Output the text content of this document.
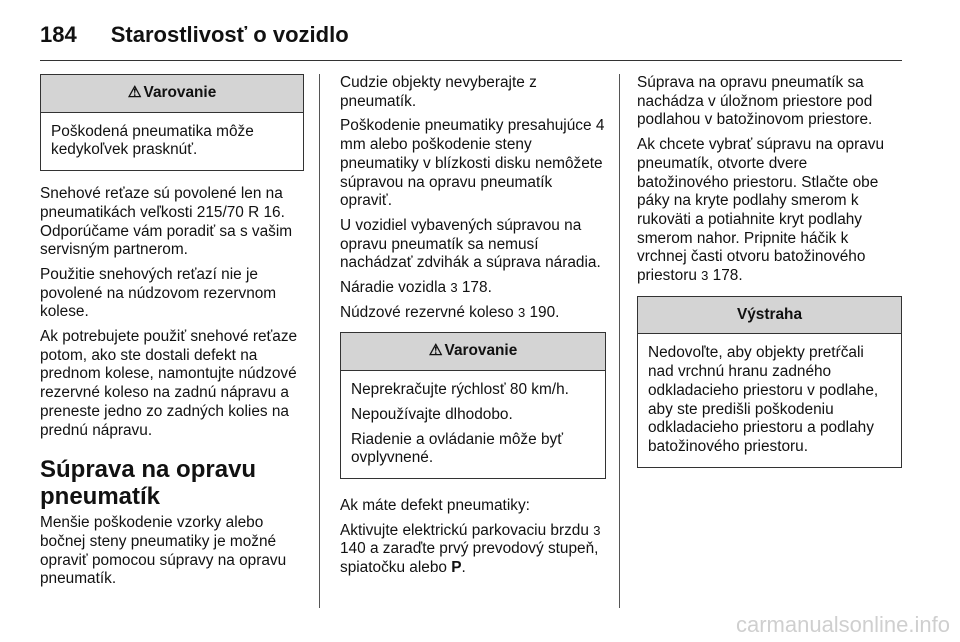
184 Starostlivosť o vozidlo
⚠ Varovanie

Poškodená pneumatika môže kedykoľvek prasknúť.

Snehové reťaze sú povolené len na pneumatikách veľkosti 215/70 R 16. Odporúčame vám poradiť sa s vašim servisným partnerom.

Použitie snehových reťazí nie je povolené na núdzovom rezervnom kolese.

Ak potrebujete použiť snehové reťaze potom, ako ste dostali defekt na prednom kolese, namontujte núdzové rezervné koleso na zadnú nápravu a preneste jedno zo zadných kolies na prednú nápravu.

Súprava na opravu pneumatík

Menšie poškodenie vzorky alebo bočnej steny pneumatiky je možné opraviť pomocou súpravy na opravu pneumatík.

Cudzie objekty nevyberajte z pneumatík.

Poškodenie pneumatiky presahujúce 4 mm alebo poškodenie steny pneumatiky v blízkosti disku nemôžete súpravou na opravu pneumatík opraviť.

U vozidiel vybavených súpravou na opravu pneumatík sa nemusí nachádzať zdvihák a súprava náradia.

Náradie vozidla 3 178.

Núdzové rezervné koleso 3 190.

⚠ Varovanie

Neprekračujte rýchlosť 80 km/h.

Nepoužívajte dlhodobo.

Riadenie a ovládanie môže byť ovplyvnené.

Ak máte defekt pneumatiky:

Aktivujte elektrickú parkovaciu brzdu 3 140 a zaraďte prvý prevodový stupeň, spiatočku alebo P.

Súprava na opravu pneumatík sa nachádza v úložnom priestore pod podlahou v batožinovom priestore.

Ak chcete vybrať súpravu na opravu pneumatík, otvorte dvere batožinového priestoru. Stlačte obe páky na kryte podlahy smerom k rukoväti a potiahnite kryt podlahy smerom nahor. Pripnite háčik k vrchnej časti otvoru batožinového priestoru 3 178.

Výstraha

Nedovoľte, aby objekty pretŕčali nad vrchnú hranu zadného odkladacieho priestoru v podlahe, aby ste predišli poškodeniu odkladacieho priestoru a podlahy batožinového priestoru.

carmanualsonline.info
